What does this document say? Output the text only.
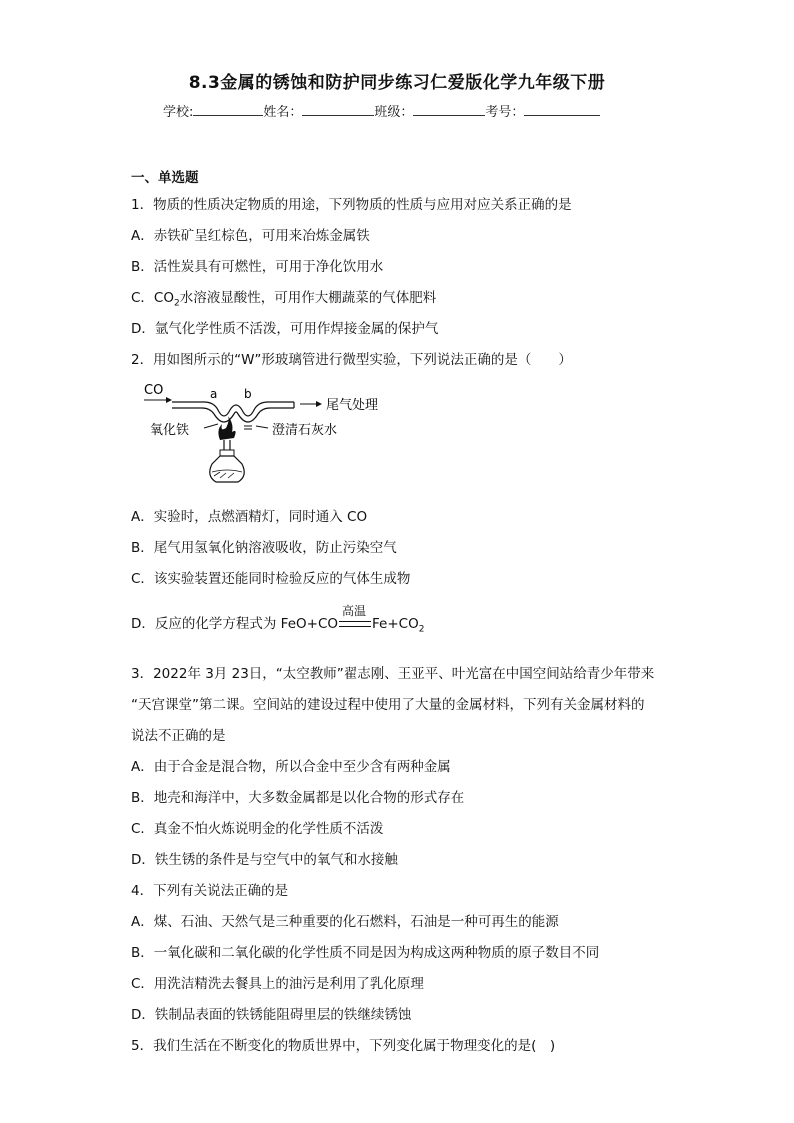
8.3金属的锈蚀和防护同步练习仁爱版化学九年级下册
学校:	姓名：	班级：	考号：
一、单选题
1．物质的性质决定物质的用途，下列物质的性质与应用对应关系正确的是
A．赤铁矿呈红棕色，可用来冶炼金属铁
B．活性炭具有可燃性，可用于净化饮用水
C．$CO_2$水溶液显酸性，可用作大棚蔬菜的气体肥料
D．氩气化学性质不活泼，可用作焊接金属的保护气
2．用如图所示的“W”形玻璃管进行微型实验，下列说法正确的是（　　）
CO	a b
尾气处理
氧化铁	澄清石灰水
A．实验时，点燃酒精灯，同时通入 CO
B．尾气用氢氧化钠溶液吸收，防止污染空气
C．该实验装置还能同时检验反应的气体生成物
D．反应的化学方程式为 FeO+CO
高温
$Fe+CO_2$
3．2022年 3月 23日，“太空教师”翟志刚、王亚平、叶光富在中国空间站给青少年带来
“天宫课堂”第二课。空间站的建设过程中使用了大量的金属材料，下列有关金属材料的
说法不正确的是
A．由于合金是混合物，所以合金中至少含有两种金属
B．地壳和海洋中，大多数金属都是以化合物的形式存在
C．真金不怕火炼说明金的化学性质不活泼
D．铁生锈的条件是与空气中的氧气和水接触
4．下列有关说法正确的是
A．煤、石油、天然气是三种重要的化石燃料，石油是一种可再生的能源
B．一氧化碳和二氧化碳的化学性质不同是因为构成这两种物质的原子数目不同
C．用洗洁精洗去餐具上的油污是利用了乳化原理
D．铁制品表面的铁锈能阻碍里层的铁继续锈蚀
5．我们生活在不断变化的物质世界中，下列变化属于物理变化的是(　)
